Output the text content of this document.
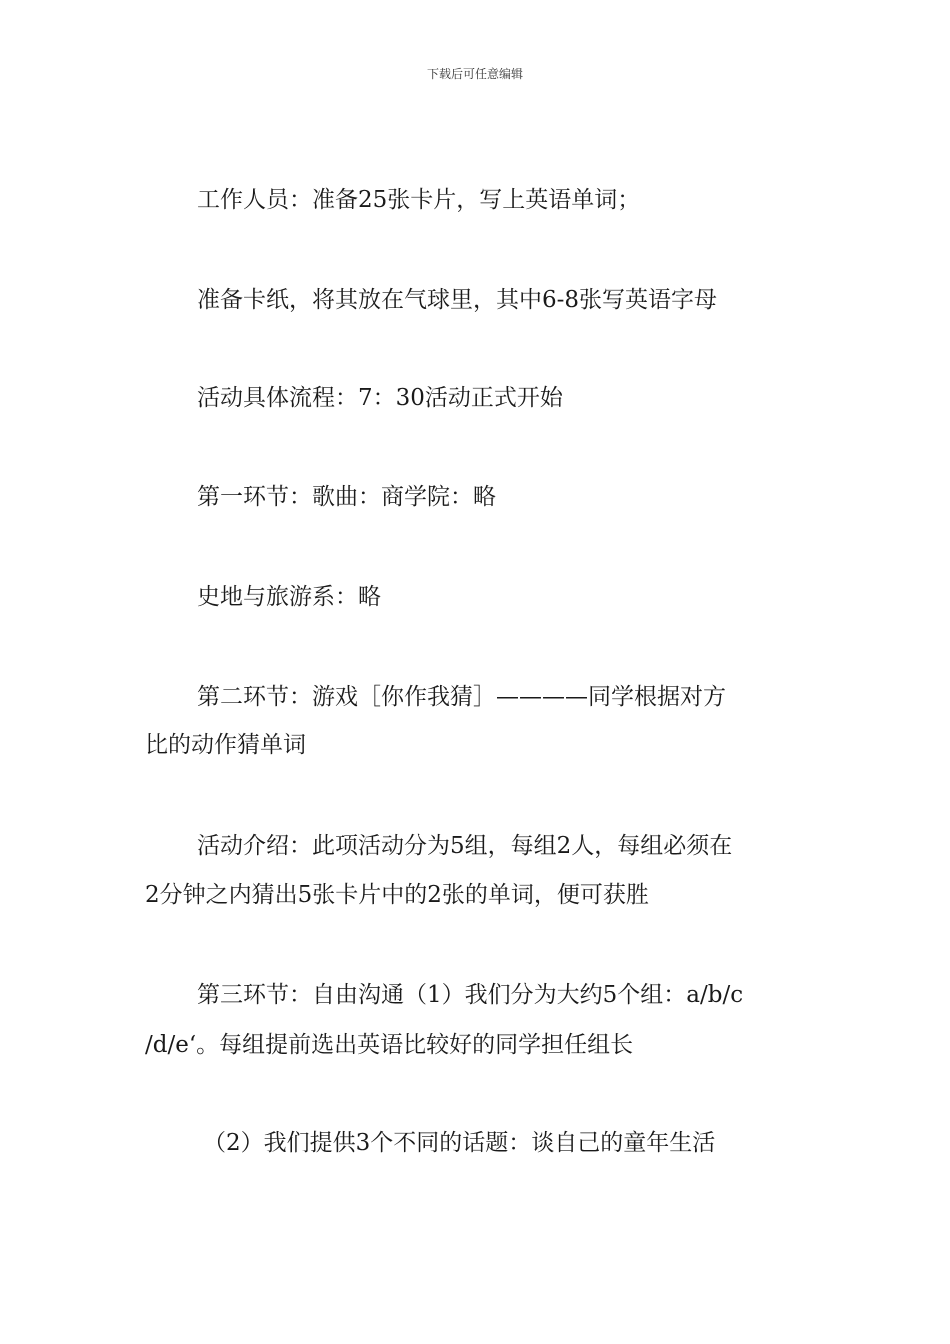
下载后可任意编辑

工作人员：准备25张卡片，写上英语单词；

准备卡纸，将其放在气球里，其中6-8张写英语字母

活动具体流程：7：30活动正式开始

第一环节：歌曲：商学院：略

史地与旅游系：略

第二环节：游戏［你作我猜］————同学根据对方

比的动作猜单词

活动介绍：此项活动分为5组，每组2人，每组必须在

2分钟之内猜出5张卡片中的2张的单词，便可获胜

第三环节：自由沟通（1）我们分为大约5个组：a/b/c

/d/e‘。每组提前选出英语比较好的同学担任组长

（2）我们提供3个不同的话题：谈自己的童年生活
